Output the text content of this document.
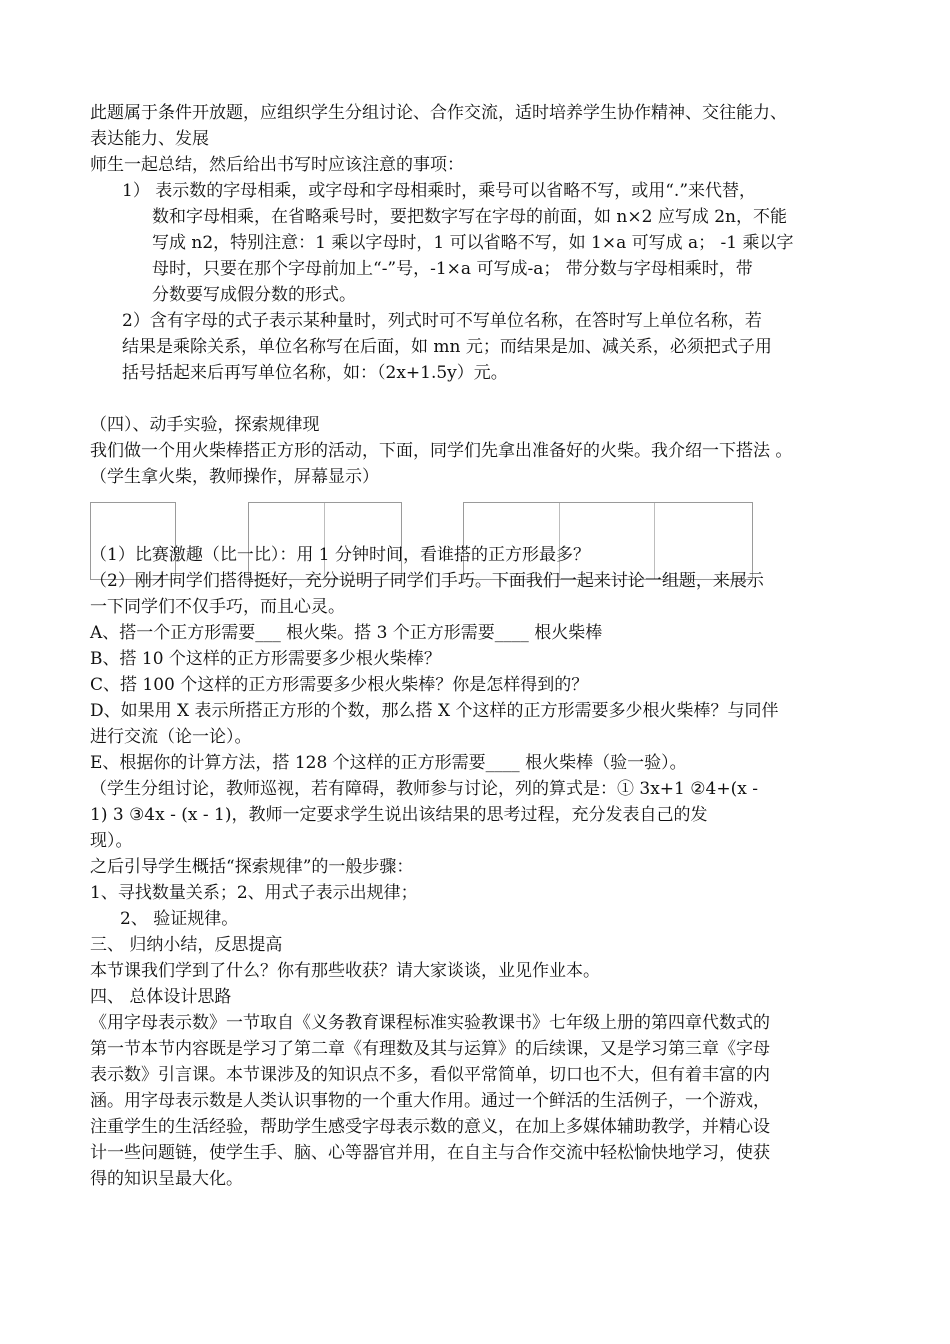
此题属于条件开放题，应组织学生分组讨论、合作交流，适时培养学生协作精神、交往能力、
表达能力、发展
师生一起总结，然后给出书写时应该注意的事项：
1） 表示数的字母相乘，或字母和字母相乘时，乘号可以省略不写，或用“.”来代替，
数和字母相乘，在省略乘号时，要把数字写在字母的前面，如 n×2 应写成 2n，不能
写成 n2，特别注意：1 乘以字母时，1 可以省略不写，如 1×a 可写成 a； -1 乘以字
母时，只要在那个字母前加上“-”号，-1×a 可写成-a； 带分数与字母相乘时，带
分数要写成假分数的形式。
2）含有字母的式子表示某种量时，列式时可不写单位名称，在答时写上单位名称，若
结果是乘除关系，单位名称写在后面，如 mn 元；而结果是加、减关系，必须把式子用
括号括起来后再写单位名称，如：（2x+1.5y）元。
（四）、动手实验，探索规律现
我们做一个用火柴棒搭正方形的活动，下面，同学们先拿出准备好的火柴。我介绍一下搭法 。
（学生拿火柴，教师操作，屏幕显示）
（1）比赛激趣（比一比）：用 1 分钟时间，看谁搭的正方形最多？
（2）刚才同学们搭得挺好，充分说明了同学们手巧。下面我们一起来讨论一组题，来展示
一下同学们不仅手巧，而且心灵。
A、搭一个正方形需要___ 根火柴。搭 3 个正方形需要____ 根火柴棒
B、搭 10 个这样的正方形需要多少根火柴棒？
C、搭 100 个这样的正方形需要多少根火柴棒？你是怎样得到的？
D、如果用 X 表示所搭正方形的个数，那么搭 X 个这样的正方形需要多少根火柴棒？与同伴
进行交流（论一论）。
E、根据你的计算方法，搭 128 个这样的正方形需要____ 根火柴棒（验一验）。
（学生分组讨论，教师巡视，若有障碍，教师参与讨论，列的算式是：① 3x+1 ②4+(x -
1) 3 ③4x - (x - 1)，教师一定要求学生说出该结果的思考过程，充分发表自己的发
现）。
之后引导学生概括“探索规律”的一般步骤：
1、寻找数量关系；2、用式子表示出规律；
2、 验证规律。
三、 归纳小结，反思提高
本节课我们学到了什么？你有那些收获？请大家谈谈，业见作业本。
四、 总体设计思路
《用字母表示数》一节取自《义务教育课程标准实验教课书》七年级上册的第四章代数式的
第一节本节内容既是学习了第二章《有理数及其与运算》的后续课，又是学习第三章《字母
表示数》引言课。本节课涉及的知识点不多，看似平常简单，切口也不大，但有着丰富的内
涵。用字母表示数是人类认识事物的一个重大作用。通过一个鲜活的生活例子，一个游戏，
注重学生的生活经验，帮助学生感受字母表示数的意义，在加上多媒体辅助教学，并精心设
计一些问题链，使学生手、脑、心等器官并用，在自主与合作交流中轻松愉快地学习，使获
得的知识呈最大化。
